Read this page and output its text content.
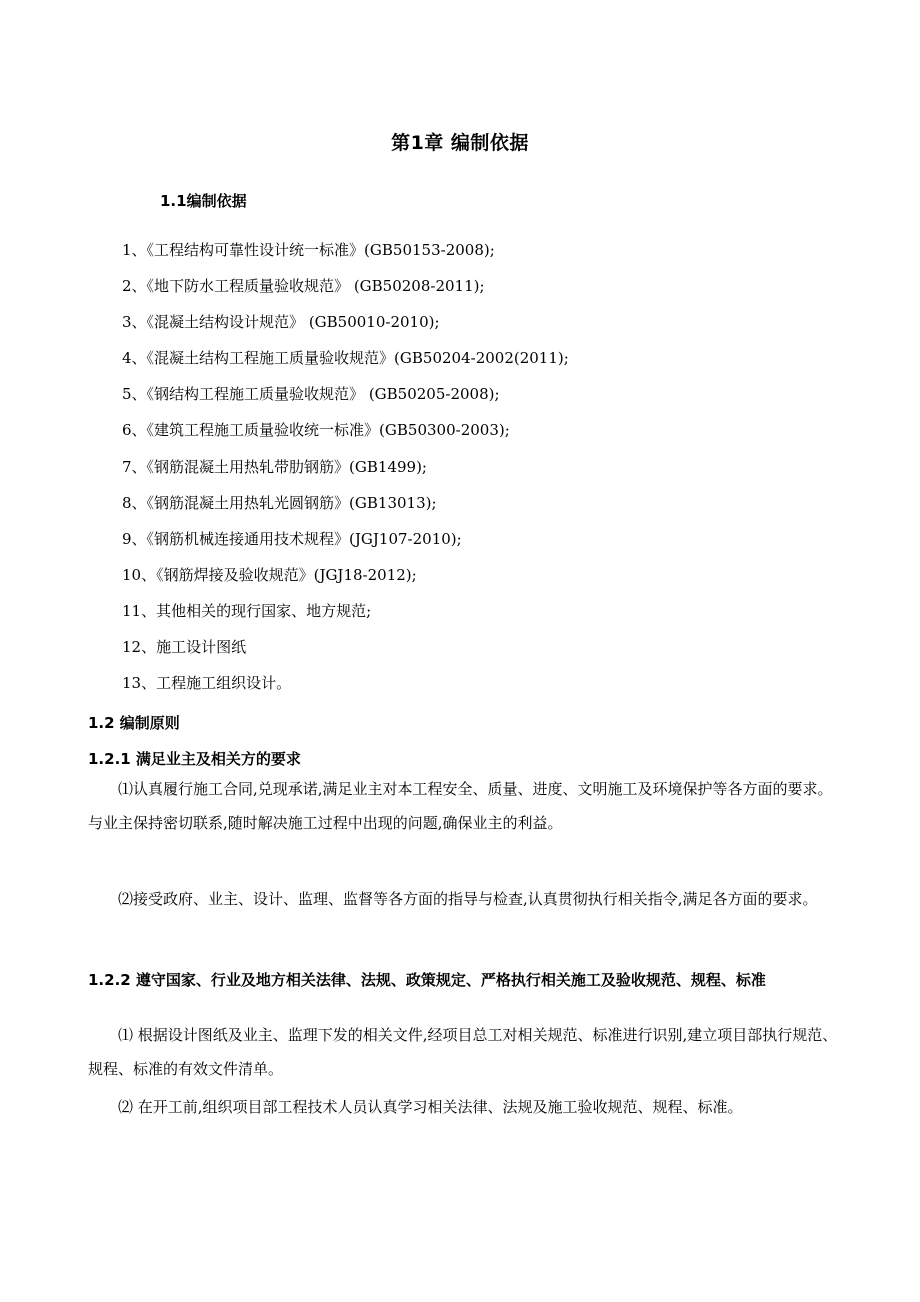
第1章 编制依据
1.1编制依据
1、《工程结构可靠性设计统一标准》(GB50153-2008);
2、《地下防水工程质量验收规范》 (GB50208-2011);
3、《混凝土结构设计规范》 (GB50010-2010);
4、《混凝土结构工程施工质量验收规范》(GB50204-2002(2011);
5、《钢结构工程施工质量验收规范》 (GB50205-2008);
6、《建筑工程施工质量验收统一标准》(GB50300-2003);
7、《钢筋混凝土用热轧带肋钢筋》(GB1499);
8、《钢筋混凝土用热轧光圆钢筋》(GB13013);
9、《钢筋机械连接通用技术规程》(JGJ107-2010);
10、《钢筋焊接及验收规范》(JGJ18-2012);
11、其他相关的现行国家、地方规范;
12、施工设计图纸
13、工程施工组织设计。
1.2 编制原则
1.2.1 满足业主及相关方的要求

⑴认真履行施工合同,兑现承诺,满足业主对本工程安全、质量、进度、文明施工及环境保护等各方面的要求。与业主保持密切联系,随时解决施工过程中出现的问题,确保业主的利益。

⑵接受政府、业主、设计、监理、监督等各方面的指导与检查,认真贯彻执行相关指令,满足各方面的要求。

1.2.2 遵守国家、行业及地方相关法律、法规、政策规定、严格执行相关施工及验收规范、规程、标准

⑴ 根据设计图纸及业主、监理下发的相关文件,经项目总工对相关规范、标准进行识别,建立项目部执行规范、规程、标准的有效文件清单。

⑵ 在开工前,组织项目部工程技术人员认真学习相关法律、法规及施工验收规范、规程、标准。
